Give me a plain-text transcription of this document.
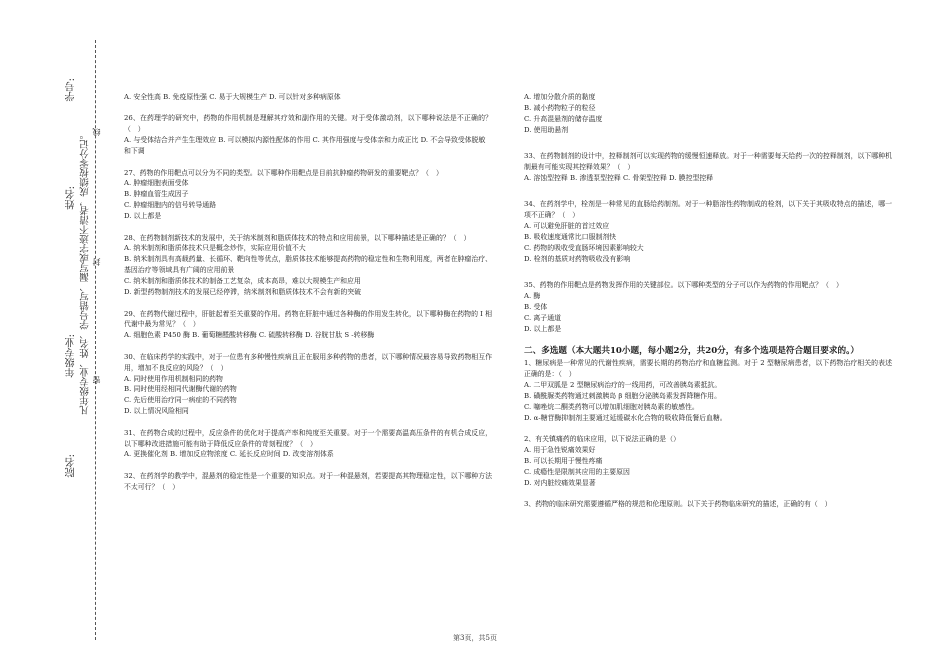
学号:
姓名:
年级专业:
院名:
凡年级专业、姓名、学号错写、漏写或字迹不清者，成绩按零分记。 线
封
密

A. 安全性高 B. 免疫原性强 C. 易于大规模生产 D. 可以针对多种病原体

26、在药理学的研究中，药物的作用机制是理解其疗效和副作用的关键。对于受体激动剂，以下哪种说法是不正确的？（　）

A. 与受体结合并产生生理效应 B. 可以模拟内源性配体的作用 C. 其作用强度与受体亲和力成正比 D. 不会导致受体脱敏和下调

27、药物的作用靶点可以分为不同的类型。以下哪种作用靶点是目前抗肿瘤药物研发的重要靶点？（　）

A. 肿瘤细胞表面受体

B. 肿瘤血管生成因子

C. 肿瘤细胞内的信号转导通路

D. 以上都是

28、在药物制剂新技术的发展中，关于纳米制剂和脂质体技术的特点和应用前景，以下哪种描述是正确的？（　）

A. 纳米制剂和脂质体技术只是概念炒作，实际应用价值不大

B. 纳米制剂具有高载药量、长循环、靶向性等优点，脂质体技术能够提高药物的稳定性和生物利用度，两者在肿瘤治疗、基因治疗等领域具有广阔的应用前景

C. 纳米制剂和脂质体技术的制备工艺复杂，成本高昂，难以大规模生产和应用

D. 新型药物制剂技术的发展已经停滞，纳米制剂和脂质体技术不会有新的突破

29、在药物代谢过程中，肝脏起着至关重要的作用。药物在肝脏中通过各种酶的作用发生转化，以下哪种酶在药物的 I 相代谢中最为常见？（　）

A. 细胞色素 P450 酶 B. 葡萄糖醛酸转移酶 C. 硫酸转移酶 D. 谷胱甘肽 S -转移酶

30、在临床药学的实践中，对于一位患有多种慢性疾病且正在服用多种药物的患者，以下哪种情况最容易导致药物相互作用，增加不良反应的风险？（　）

A. 同时使用作用机制相同的药物

B. 同时使用经相同代谢酶代谢的药物

C. 先后使用治疗同一病症的不同药物

D. 以上情况风险相同

31、在药物合成的过程中，反应条件的优化对于提高产率和纯度至关重要。对于一个需要高温高压条件的有机合成反应，以下哪种改进措施可能有助于降低反应条件的苛刻程度？（　）

A. 更换催化剂 B. 增加反应物浓度 C. 延长反应时间 D. 改变溶剂体系

32、在药剂学的教学中，混悬剂的稳定性是一个重要的知识点。对于一种混悬剂，若要提高其物理稳定性，以下哪种方法不太可行？（　）

A. 增加分散介质的黏度

B. 减小药物粒子的粒径

C. 升高混悬剂的储存温度

D. 使用助悬剂

33、在药物制剂的设计中，控释制剂可以实现药物的缓慢恒速释放。对于一种需要每天给药一次的控释制剂，以下哪种机制最有可能实现其控释效果？（　）

A. 溶蚀型控释 B. 渗透泵型控释 C. 骨架型控释 D. 膜控型控释

34、在药剂学中，栓剂是一种常见的直肠给药制剂。对于一种脂溶性药物制成的栓剂，以下关于其吸收特点的描述，哪一项不正确？（　）

A. 可以避免肝脏的首过效应

B. 吸收速度通常比口服制剂快

C. 药物的吸收受直肠环境因素影响较大

D. 栓剂的基质对药物吸收没有影响

35、药物的作用靶点是药物发挥作用的关键部位。以下哪种类型的分子可以作为药物的作用靶点？（　）

A. 酶

B. 受体

C. 离子通道

D. 以上都是

二、多选题（本大题共10小题，每小题2分，共20分，有多个选项是符合题目要求的。）

1、糖尿病是一种常见的代谢性疾病，需要长期的药物治疗和血糖监测。对于 2 型糖尿病患者，以下药物治疗相关的表述正确的是：（　）

A. 二甲双胍是 2 型糖尿病治疗的一线用药，可改善胰岛素抵抗。

B. 磺酰脲类药物通过刺激胰岛 β 细胞分泌胰岛素发挥降糖作用。

C. 噻唑烷二酮类药物可以增加肌细胞对胰岛素的敏感性。

D. α-糖苷酶抑制剂主要通过延缓碳水化合物的吸收降低餐后血糖。

2、有关镇痛药的临床应用，以下说法正确的是（）

A. 用于急性锐痛效果好

B. 可以长期用于慢性疼痛

C. 成瘾性是限制其应用的主要原因

D. 对内脏绞痛效果显著

3、药物的临床研究需要遵循严格的规范和伦理原则。以下关于药物临床研究的描述，正确的有（　）

第3页，共5页
